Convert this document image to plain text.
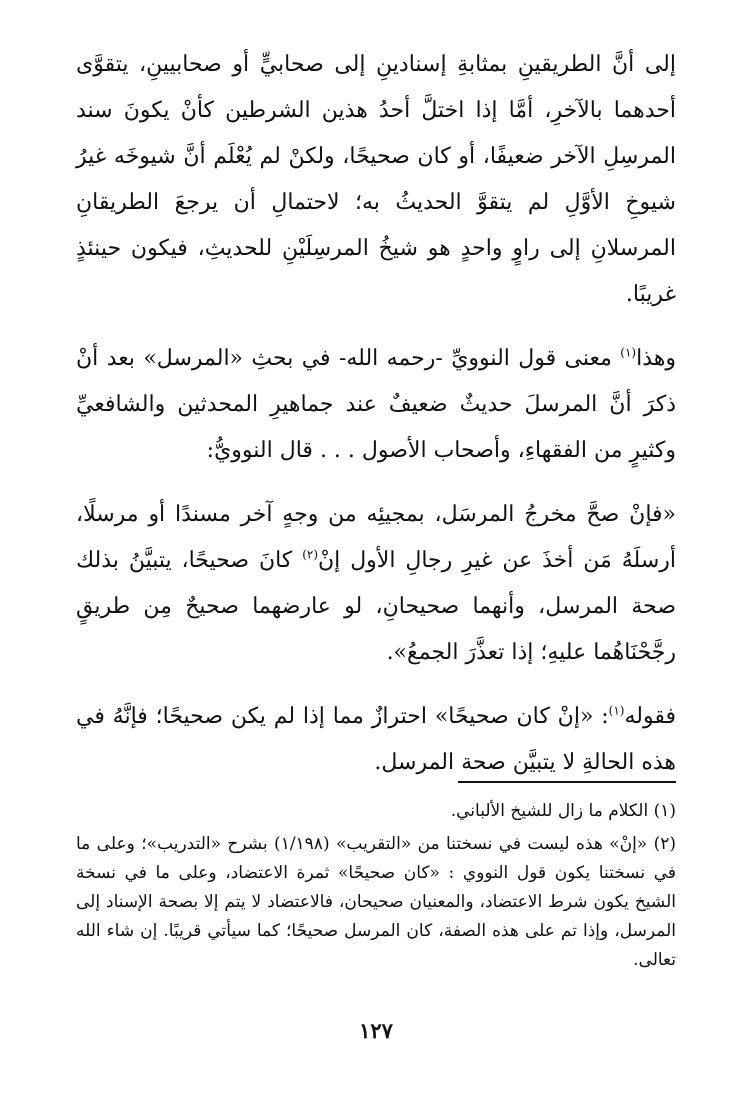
إلى أنَّ الطريقينِ بمثابةِ إسنادينِ إلى صحابيٍّ أو صحابيينِ، يتقوَّى أحدهما بالآخرِ، أمَّا إذا اختلَّ أحدُ هذين الشرطين كأنْ يكونَ سند المرسِلِ الآخر ضعيفًا، أو كان صحيحًا، ولكنْ لم يُعْلَم أنَّ شيوخَه غيرُ شيوخِ الأوَّلِ لم يتقوَّ الحديثُ به؛ لاحتمالِ أن يرجعَ الطريقانِ المرسلانِ إلى راوٍ واحدٍ هو شيخُ المرسِلَيْنِ للحديثِ، فيكون حينئذٍ غريبًا.

وهذا$^{(١)}$ معنى قول النوويِّ -رحمه الله- في بحثِ «المرسل» بعد أنْ ذكرَ أنَّ المرسلَ حديثٌ ضعيفٌ عند جماهيرِ المحدثين والشافعيِّ وكثيرٍ من الفقهاءِ، وأصحاب الأصول . . . قال النوويُّ:

«فإنْ صحَّ مخرجُ المرسَل، بمجيئِه من وجهٍ آخر مسندًا أو مرسلًا، أرسلَهُ مَن أخذَ عن غيرِ رجالِ الأول إنْ$^{(٢)}$ كانَ صحيحًا، يتبيَّنُ بذلك صحة المرسل، وأنهما صحيحانِ، لو عارضهما صحيحٌ مِن طريقٍ رجَّحْنَاهُما عليهِ؛ إذا تعذَّرَ الجمعُ».

فقوله$^{(١)}$: «إنْ كان صحيحًا» احترازٌ مما إذا لم يكن صحيحًا؛ فإنَّهُ في هذه الحالةِ لا يتبيَّن صحة المرسل.

(١) الكلام ما زال للشيخ الألباني.

(٢) «إنْ» هذه ليست في نسختنا من «التقريب» (١/١٩٨) بشرح «التدريب»؛ وعلى ما في نسختنا يكون قول النووي : «كان صحيحًا» ثمرة الاعتضاد، وعلى ما في نسخة الشيخ يكون شرط الاعتضاد، والمعنيان صحيحان، فالاعتضاد لا يتم إلا بصحة الإسناد إلى المرسل، وإذا تم على هذه الصفة، كان المرسل صحيحًا؛ كما سيأتي قريبًا. إن شاء الله تعالى.

١٢٧
